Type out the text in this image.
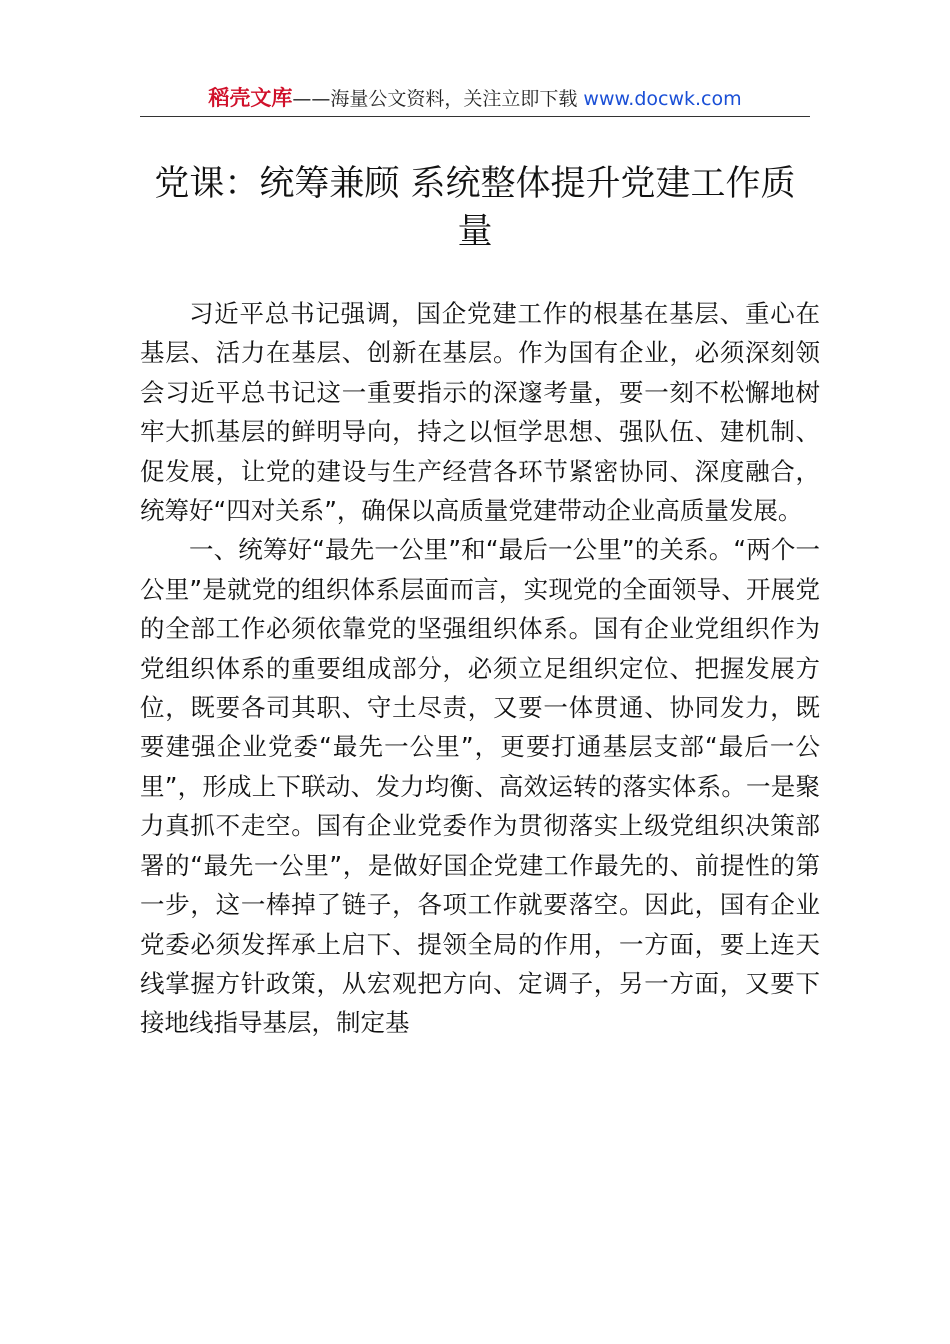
稻壳文库——海量公文资料，关注立即下载 www.docwk.com
党课：统筹兼顾 系统整体提升党建工作质量

习近平总书记强调，国企党建工作的根基在基层、重心在基层、活力在基层、创新在基层。作为国有企业，必须深刻领会习近平总书记这一重要指示的深邃考量，要一刻不松懈地树牢大抓基层的鲜明导向，持之以恒学思想、强队伍、建机制、促发展，让党的建设与生产经营各环节紧密协同、深度融合，统筹好“四对关系”，确保以高质量党建带动企业高质量发展。

一、统筹好“最先一公里”和“最后一公里”的关系。“两个一公里”是就党的组织体系层面而言，实现党的全面领导、开展党的全部工作必须依靠党的坚强组织体系。国有企业党组织作为党组织体系的重要组成部分，必须立足组织定位、把握发展方位，既要各司其职、守土尽责，又要一体贯通、协同发力，既要建强企业党委“最先一公里”，更要打通基层支部“最后一公里”，形成上下联动、发力均衡、高效运转的落实体系。一是聚力真抓不走空。国有企业党委作为贯彻落实上级党组织决策部署的“最先一公里”，是做好国企党建工作最先的、前提性的第一步，这一棒掉了链子，各项工作就要落空。因此，国有企业党委必须发挥承上启下、提领全局的作用，一方面，要上连天线掌握方针政策，从宏观把方向、定调子，另一方面，又要下接地线指导基层，制定基
